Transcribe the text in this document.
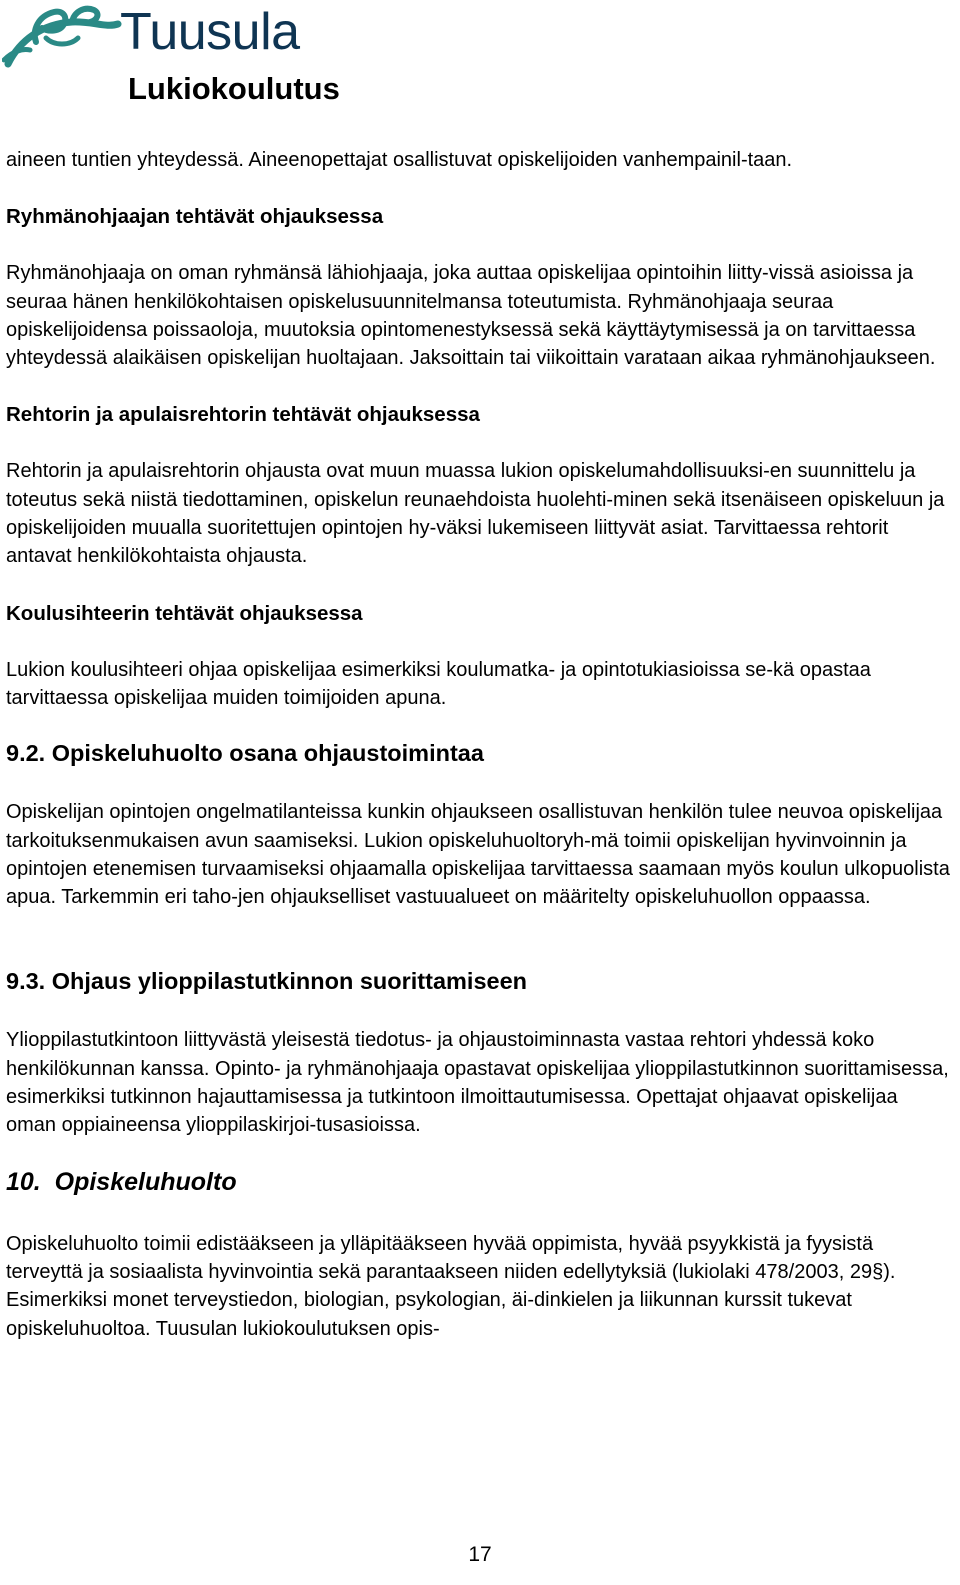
Tuusula
Lukiokoulutus

aineen tuntien yhteydessä. Aineenopettajat osallistuvat opiskelijoiden vanhempainil-taan.

Ryhmänohjaajan tehtävät ohjauksessa

Ryhmänohjaaja on oman ryhmänsä lähiohjaaja, joka auttaa opiskelijaa opintoihin liitty-vissä asioissa ja seuraa hänen henkilökohtaisen opiskelusuunnitelmansa toteutumista. Ryhmänohjaaja seuraa opiskelijoidensa poissaoloja, muutoksia opintomenestyksessä sekä käyttäytymisessä ja on tarvittaessa yhteydessä alaikäisen opiskelijan huoltajaan. Jaksoittain tai viikoittain varataan aikaa ryhmänohjaukseen.

Rehtorin ja apulaisrehtorin tehtävät ohjauksessa

Rehtorin ja apulaisrehtorin ohjausta ovat muun muassa lukion opiskelumahdollisuuksi-en suunnittelu ja toteutus sekä niistä tiedottaminen, opiskelun reunaehdoista huolehti-minen sekä itsenäiseen opiskeluun ja opiskelijoiden muualla suoritettujen opintojen hy-väksi lukemiseen liittyvät asiat. Tarvittaessa rehtorit antavat henkilökohtaista ohjausta.

Koulusihteerin tehtävät ohjauksessa

Lukion koulusihteeri ohjaa opiskelijaa esimerkiksi koulumatka- ja opintotukiasioissa se-kä opastaa tarvittaessa opiskelijaa muiden toimijoiden apuna.

9.2. Opiskeluhuolto osana ohjaustoimintaa

Opiskelijan opintojen ongelmatilanteissa kunkin ohjaukseen osallistuvan henkilön tulee neuvoa opiskelijaa tarkoituksenmukaisen avun saamiseksi. Lukion opiskeluhuoltoryh-mä toimii opiskelijan hyvinvoinnin ja opintojen etenemisen turvaamiseksi ohjaamalla opiskelijaa tarvittaessa saamaan myös koulun ulkopuolista apua. Tarkemmin eri taho-jen ohjaukselliset vastuualueet on määritelty opiskeluhuollon oppaassa.

9.3. Ohjaus ylioppilastutkinnon suorittamiseen

Ylioppilastutkintoon liittyvästä yleisestä tiedotus- ja ohjaustoiminnasta vastaa rehtori yhdessä koko henkilökunnan kanssa. Opinto- ja ryhmänohjaaja opastavat opiskelijaa ylioppilastutkinnon suorittamisessa, esimerkiksi tutkinnon hajauttamisessa ja tutkintoon ilmoittautumisessa. Opettajat ohjaavat opiskelijaa oman oppiaineensa ylioppilaskirjoi-tusasioissa.

10.  Opiskeluhuolto

Opiskeluhuolto toimii edistääkseen ja ylläpitääkseen hyvää oppimista, hyvää psyykkistä ja fyysistä terveyttä ja sosiaalista hyvinvointia sekä parantaakseen niiden edellytyksiä (lukiolaki 478/2003, 29§). Esimerkiksi monet terveystiedon, biologian, psykologian, äi-dinkielen ja liikunnan kurssit tukevat opiskeluhuoltoa. Tuusulan lukiokoulutuksen opis-

17
